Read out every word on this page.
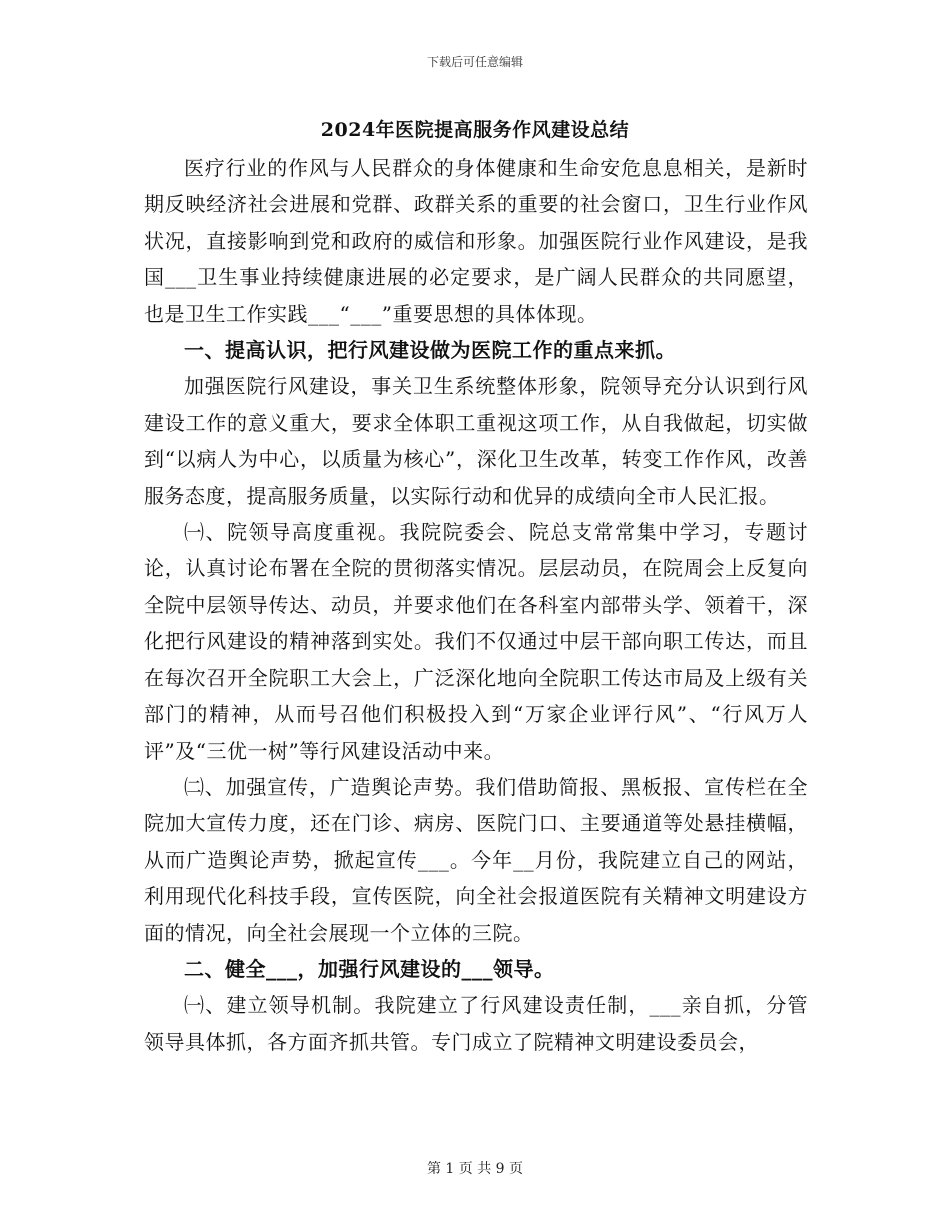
下载后可任意编辑
2024年医院提高服务作风建设总结

医疗行业的作风与人民群众的身体健康和生命安危息息相关，是新时期反映经济社会进展和党群、政群关系的重要的社会窗口，卫生行业作风状况，直接影响到党和政府的威信和形象。加强医院行业作风建设，是我国___卫生事业持续健康进展的必定要求，是广阔人民群众的共同愿望，也是卫生工作实践___“___”重要思想的具体体现。

一、提高认识，把行风建设做为医院工作的重点来抓。

加强医院行风建设，事关卫生系统整体形象，院领导充分认识到行风建设工作的意义重大，要求全体职工重视这项工作，从自我做起，切实做到“以病人为中心，以质量为核心”，深化卫生改革，转变工作作风，改善服务态度，提高服务质量，以实际行动和优异的成绩向全市人民汇报。

㈠、院领导高度重视。我院院委会、院总支常常集中学习，专题讨论，认真讨论布署在全院的贯彻落实情况。层层动员，在院周会上反复向全院中层领导传达、动员，并要求他们在各科室内部带头学、领着干，深化把行风建设的精神落到实处。我们不仅通过中层干部向职工传达，而且在每次召开全院职工大会上，广泛深化地向全院职工传达市局及上级有关部门的精神，从而号召他们积极投入到“万家企业评行风”、“行风万人评”及“三优一树”等行风建设活动中来。

㈡、加强宣传，广造舆论声势。我们借助简报、黑板报、宣传栏在全院加大宣传力度，还在门诊、病房、医院门口、主要通道等处悬挂横幅，从而广造舆论声势，掀起宣传___。今年__月份，我院建立自己的网站，利用现代化科技手段，宣传医院，向全社会报道医院有关精神文明建设方面的情况，向全社会展现一个立体的三院。

二、健全___，加强行风建设的___领导。

㈠、建立领导机制。我院建立了行风建设责任制，___亲自抓，分管领导具体抓，各方面齐抓共管。专门成立了院精神文明建设委员会，

第 1 页 共 9 页
